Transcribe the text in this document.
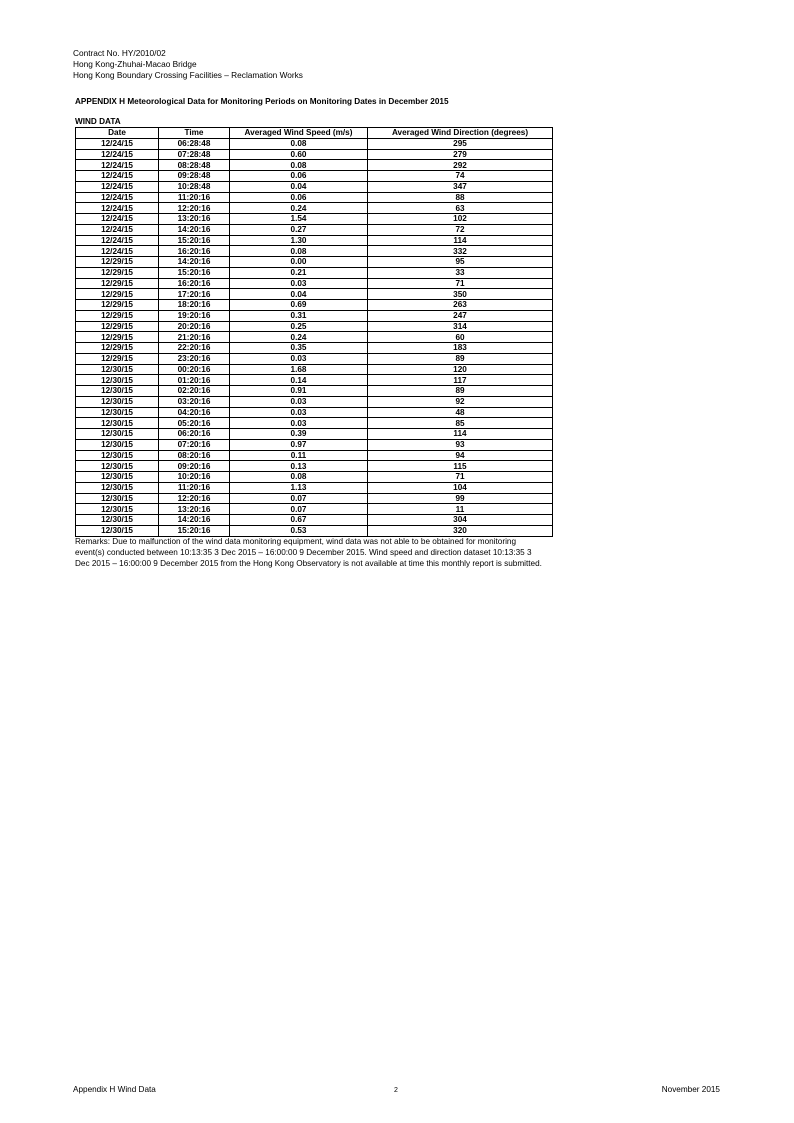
Contract No. HY/2010/02
Hong Kong-Zhuhai-Macao Bridge
Hong Kong Boundary Crossing Facilities – Reclamation Works
APPENDIX H Meteorological Data for Monitoring Periods on Monitoring Dates in December 2015
WIND DATA
Date	Time	Averaged Wind Speed (m/s)	Averaged Wind Direction (degrees)
12/24/15	06:28:48	0.08	295
12/24/15	07:28:48	0.60	279
12/24/15	08:28:48	0.08	292
12/24/15	09:28:48	0.06	74
12/24/15	10:28:48	0.04	347
12/24/15	11:20:16	0.06	88
12/24/15	12:20:16	0.24	63
12/24/15	13:20:16	1.54	102
12/24/15	14:20:16	0.27	72
12/24/15	15:20:16	1.30	114
12/24/15	16:20:16	0.08	332
12/29/15	14:20:16	0.00	95
12/29/15	15:20:16	0.21	33
12/29/15	16:20:16	0.03	71
12/29/15	17:20:16	0.04	350
12/29/15	18:20:16	0.69	263
12/29/15	19:20:16	0.31	247
12/29/15	20:20:16	0.25	314
12/29/15	21:20:16	0.24	60
12/29/15	22:20:16	0.35	183
12/29/15	23:20:16	0.03	89
12/30/15	00:20:16	1.68	120
12/30/15	01:20:16	0.14	117
12/30/15	02:20:16	0.91	89
12/30/15	03:20:16	0.03	92
12/30/15	04:20:16	0.03	48
12/30/15	05:20:16	0.03	85
12/30/15	06:20:16	0.39	114
12/30/15	07:20:16	0.97	93
12/30/15	08:20:16	0.11	94
12/30/15	09:20:16	0.13	115
12/30/15	10:20:16	0.08	71
12/30/15	11:20:16	1.13	104
12/30/15	12:20:16	0.07	99
12/30/15	13:20:16	0.07	11
12/30/15	14:20:16	0.67	304
12/30/15	15:20:16	0.53	320
Remarks: Due to malfunction of the wind data monitoring equipment, wind data was not able to be obtained for monitoring event(s) conducted between 10:13:35 3 Dec 2015 – 16:00:00 9 December 2015. Wind speed and direction dataset 10:13:35 3 Dec 2015 – 16:00:00 9 December 2015 from the Hong Kong Observatory is not available at time this monthly report is submitted.
Appendix H Wind Data	2	November 2015
